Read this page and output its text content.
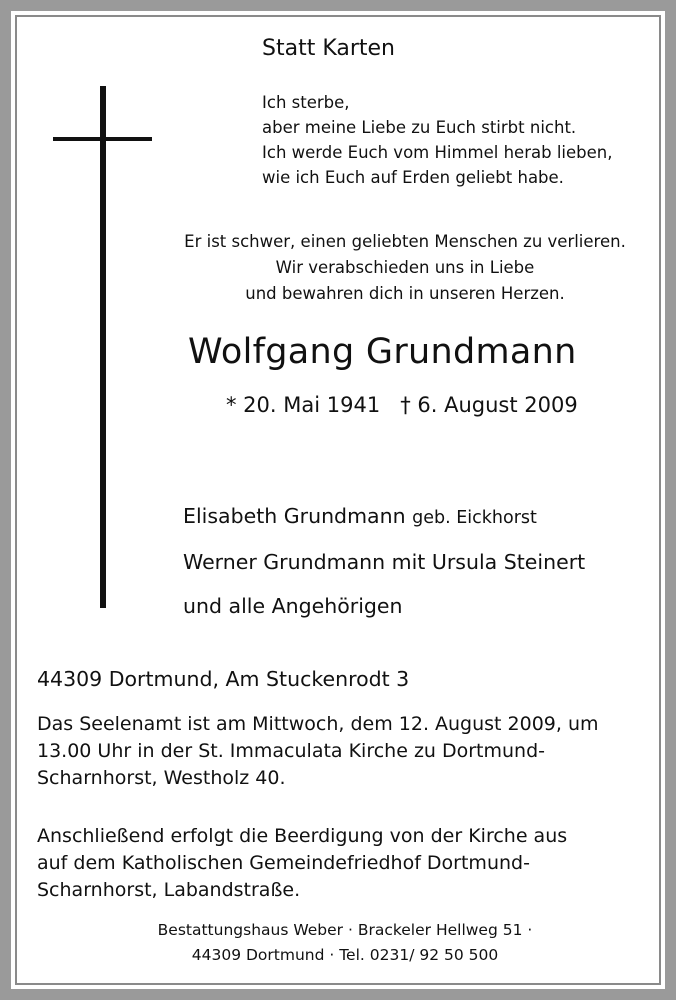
Statt Karten
Ich sterbe,
aber meine Liebe zu Euch stirbt nicht.
Ich werde Euch vom Himmel herab lieben,
wie ich Euch auf Erden geliebt habe.
Er ist schwer, einen geliebten Menschen zu verlieren.
Wir verabschieden uns in Liebe
und bewahren dich in unseren Herzen.
Wolfgang Grundmann
* 20. Mai 1941 † 6. August 2009
Elisabeth Grundmann geb. Eickhorst
Werner Grundmann mit Ursula Steinert
und alle Angehörigen
44309 Dortmund, Am Stuckenrodt 3
Das Seelenamt ist am Mittwoch, dem 12. August 2009, um
13.00 Uhr in der St. Immaculata Kirche zu Dortmund-
Scharnhorst, Westholz 40.
Anschließend erfolgt die Beerdigung von der Kirche aus
auf dem Katholischen Gemeindefriedhof Dortmund-
Scharnhorst, Labandstraße.
Bestattungshaus Weber · Brackeler Hellweg 51 ·
44309 Dortmund · Tel. 0231/ 92 50 500
